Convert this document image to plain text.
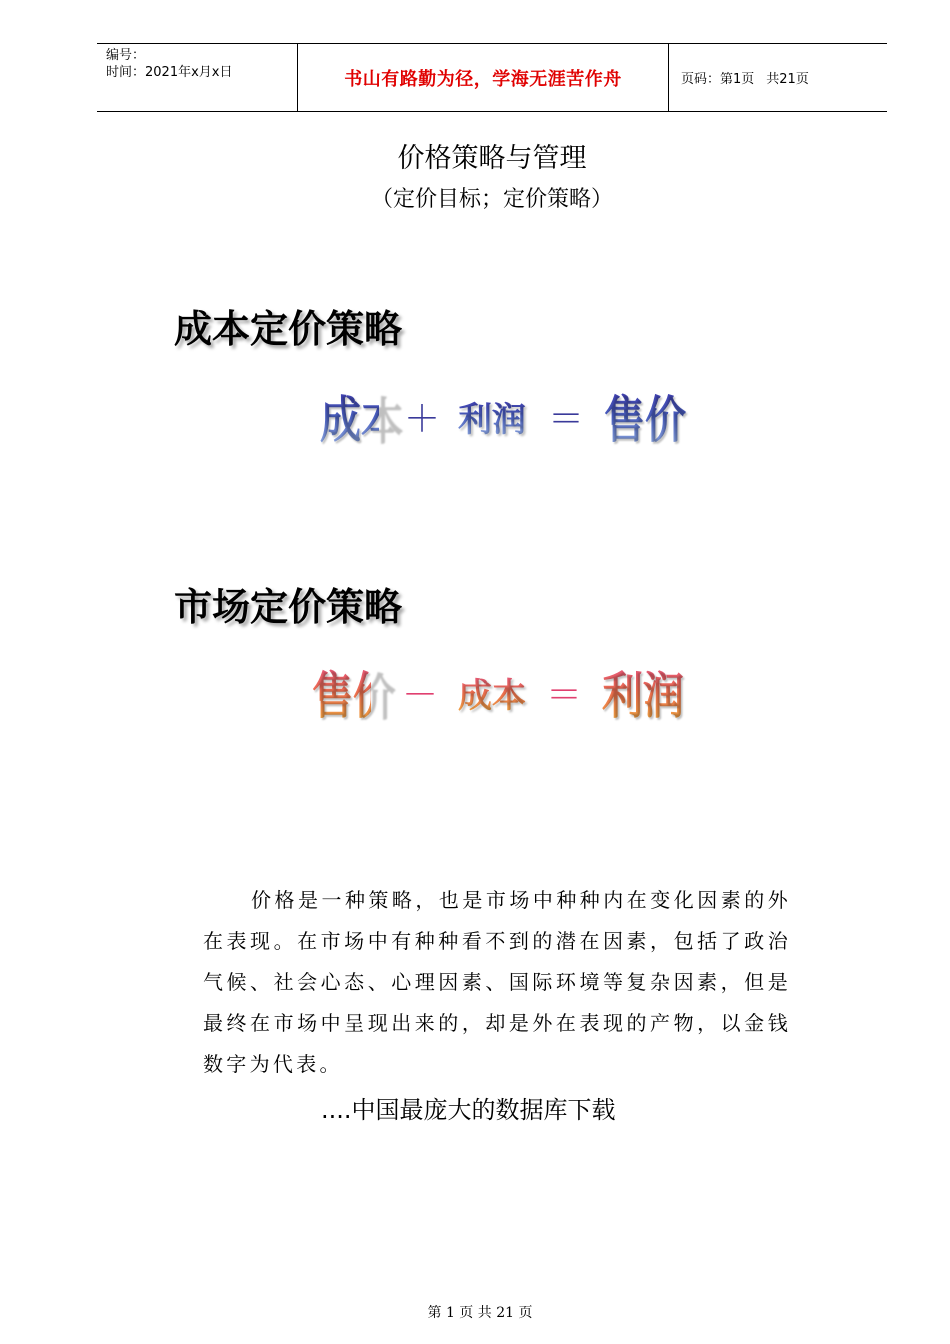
编号：
时间：2021年x月x日	书山有路勤为径，学海无涯苦作舟	页码：第1页 共21页
价格策略与管理
（定价目标；定价策略）
成本定价策略
成本 ＋ 利润 ＝ 售价
市场定价策略
售价 － 成本 ＝ 利润
价格是一种策略，也是市场中种种内在变化因素的外在表现。在市场中有种种看不到的潜在因素，包括了政治气候、社会心态、心理因素、国际环境等复杂因素，但是最终在市场中呈现出来的，却是外在表现的产物，以金钱数字为代表。
....中国最庞大的数据库下载
第 1 页 共 21 页
